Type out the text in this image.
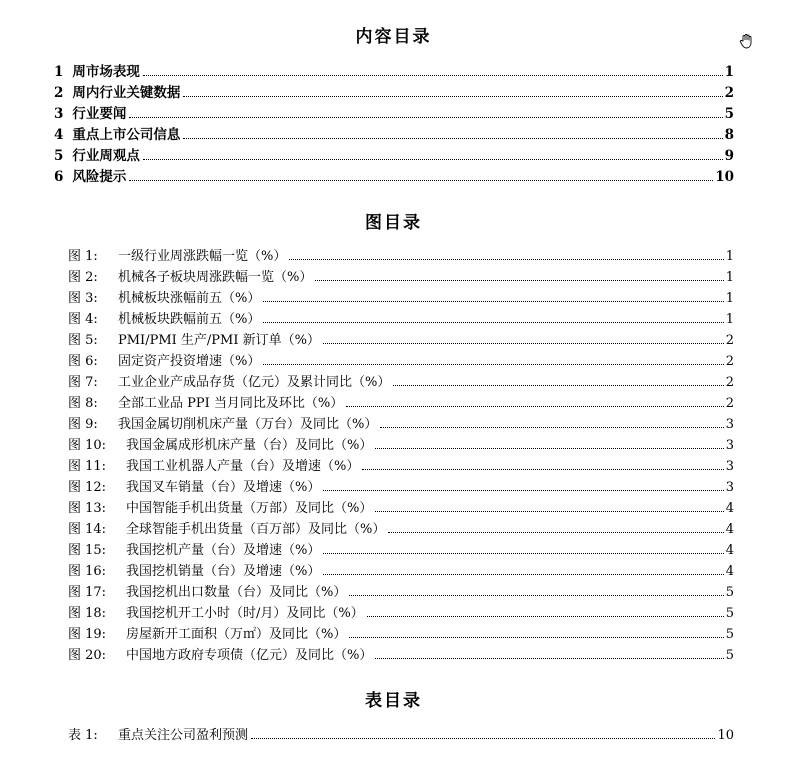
内容目录
1 周市场表现	1
2 周内行业关键数据	2
3 行业要闻	5
4 重点上市公司信息	8
5 行业周观点	9
6 风险提示	10
图目录
图 1:	一级行业周涨跌幅一览（%）	1
图 2:	机械各子板块周涨跌幅一览（%）	1
图 3:	机械板块涨幅前五（%）	1
图 4:	机械板块跌幅前五（%）	1
图 5:	PMI/PMI 生产/PMI 新订单（%）	2
图 6:	固定资产投资增速（%）	2
图 7:	工业企业产成品存货（亿元）及累计同比（%）	2
图 8:	全部工业品 PPI 当月同比及环比（%）	2
图 9:	我国金属切削机床产量（万台）及同比（%）	3
图 10:	我国金属成形机床产量（台）及同比（%）	3
图 11:	我国工业机器人产量（台）及增速（%）	3
图 12:	我国叉车销量（台）及增速（%）	3
图 13:	中国智能手机出货量（万部）及同比（%）	4
图 14:	全球智能手机出货量（百万部）及同比（%）	4
图 15:	我国挖机产量（台）及增速（%）	4
图 16:	我国挖机销量（台）及增速（%）	4
图 17:	我国挖机出口数量（台）及同比（%）	5
图 18:	我国挖机开工小时（时/月）及同比（%）	5
图 19:	房屋新开工面积（万㎡）及同比（%）	5
图 20:	中国地方政府专项债（亿元）及同比（%）	5
表目录
表 1:	重点关注公司盈利预测	10
